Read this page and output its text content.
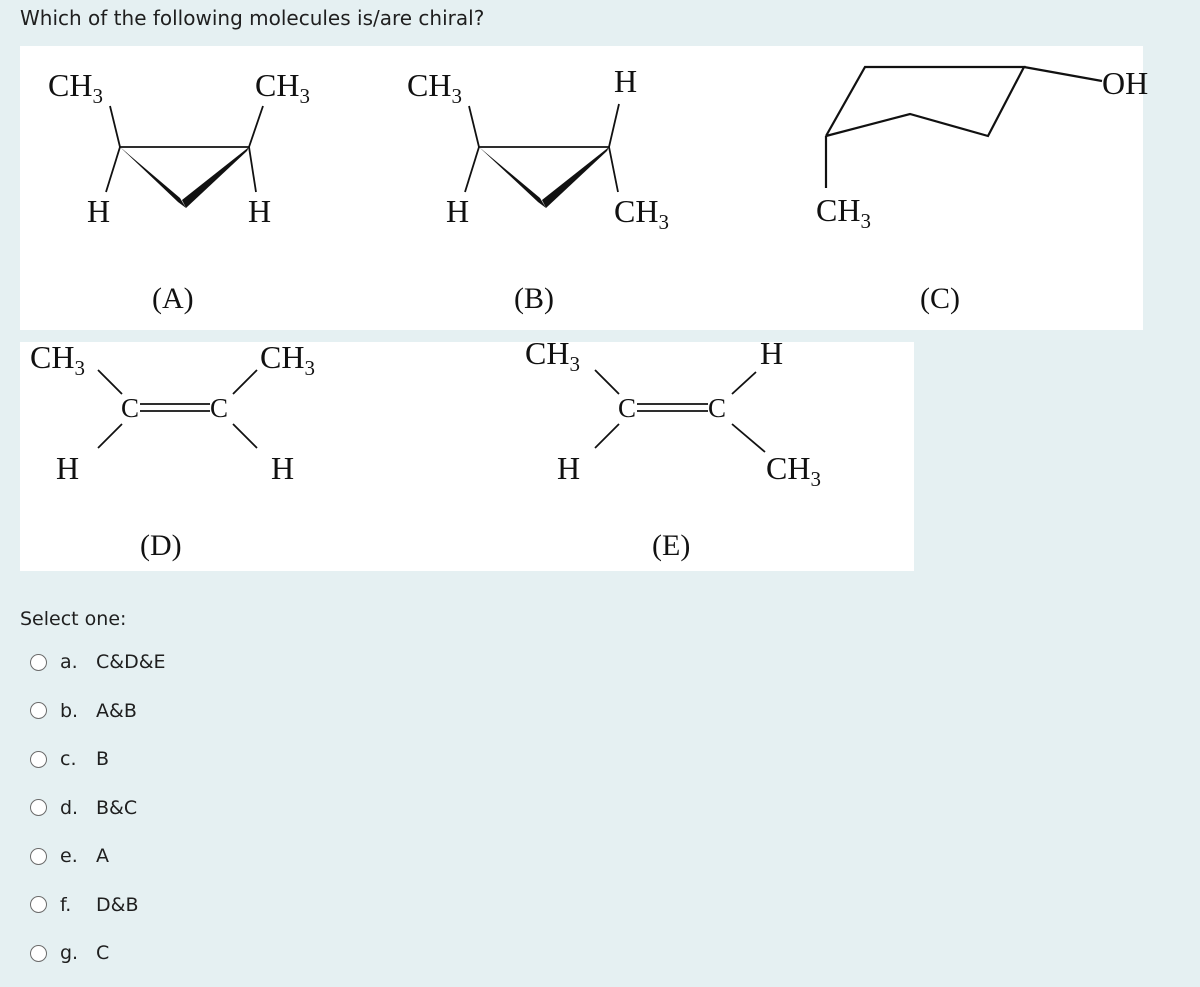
Which of the following molecules is/are chiral?
$CH_3$	$CH_3$
H	H
(A)
$CH_3$	H
H	$CH_3$
(B)
OH
$CH_3$
(C)
$CH_3$	$CH_3$
C	C
H	H
(D)
$CH_3$	H
C	C
H	$CH_3$
(E)
Select one:
a. C&D&E
b. A&B
c.	B
d. B&C
e. A
f.	D&B
g. C
